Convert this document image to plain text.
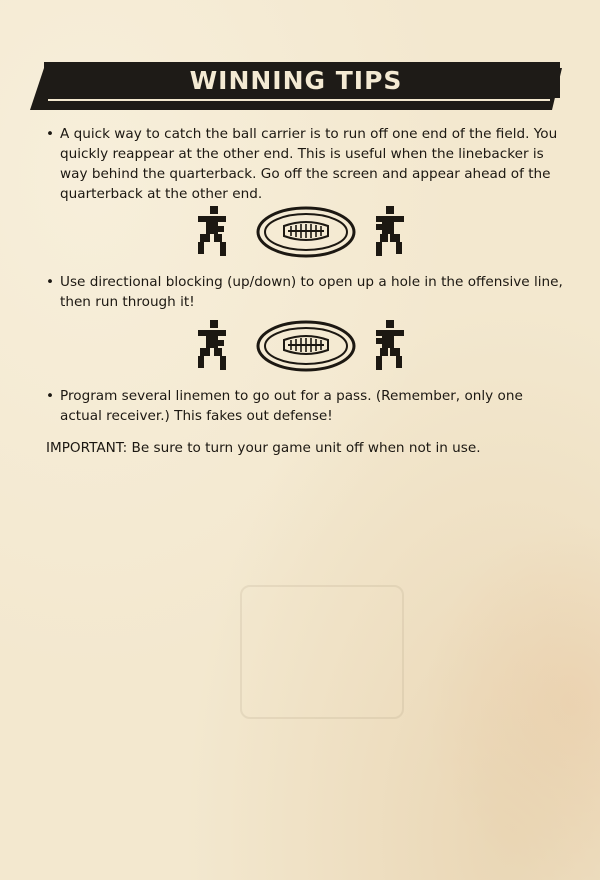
WINNING TIPS
• A quick way to catch the ball carrier is to run off one end of the field. You quickly reappear at the other end. This is useful when the linebacker is way behind the quarterback. Go off the screen and appear ahead of the quarterback at the other end.
• Use directional blocking (up/down) to open up a hole in the offensive line, then run through it!
• Program several linemen to go out for a pass. (Remember, only one actual receiver.) This fakes out defense!
IMPORTANT: Be sure to turn your game unit off when not in use.
